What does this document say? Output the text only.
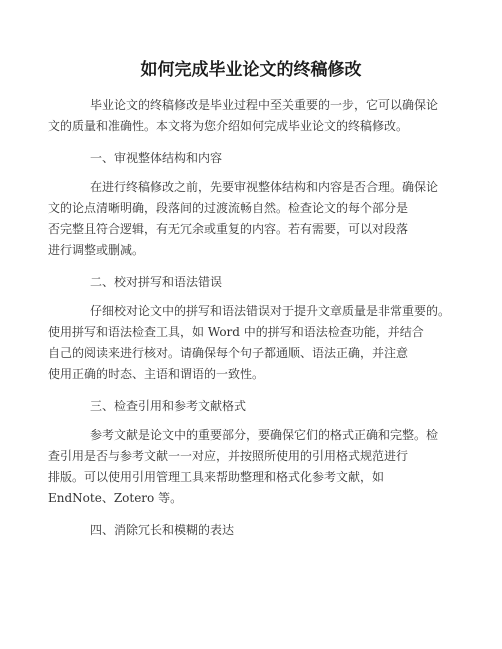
如何完成毕业论文的终稿修改
毕业论文的终稿修改是毕业过程中至关重要的一步，它可以确保论
文的质量和准确性。本文将为您介绍如何完成毕业论文的终稿修改。
一、审视整体结构和内容
在进行终稿修改之前，先要审视整体结构和内容是否合理。确保论
文的论点清晰明确，段落间的过渡流畅自然。检查论文的每个部分是
否完整且符合逻辑，有无冗余或重复的内容。若有需要，可以对段落
进行调整或删减。
二、校对拼写和语法错误
仔细校对论文中的拼写和语法错误对于提升文章质量是非常重要的。
使用拼写和语法检查工具，如 Word 中的拼写和语法检查功能，并结合
自己的阅读来进行核对。请确保每个句子都通顺、语法正确，并注意
使用正确的时态、主语和谓语的一致性。
三、检查引用和参考文献格式
参考文献是论文中的重要部分，要确保它们的格式正确和完整。检
查引用是否与参考文献一一对应，并按照所使用的引用格式规范进行
排版。可以使用引用管理工具来帮助整理和格式化参考文献，如
EndNote、Zotero 等。
四、消除冗长和模糊的表达
